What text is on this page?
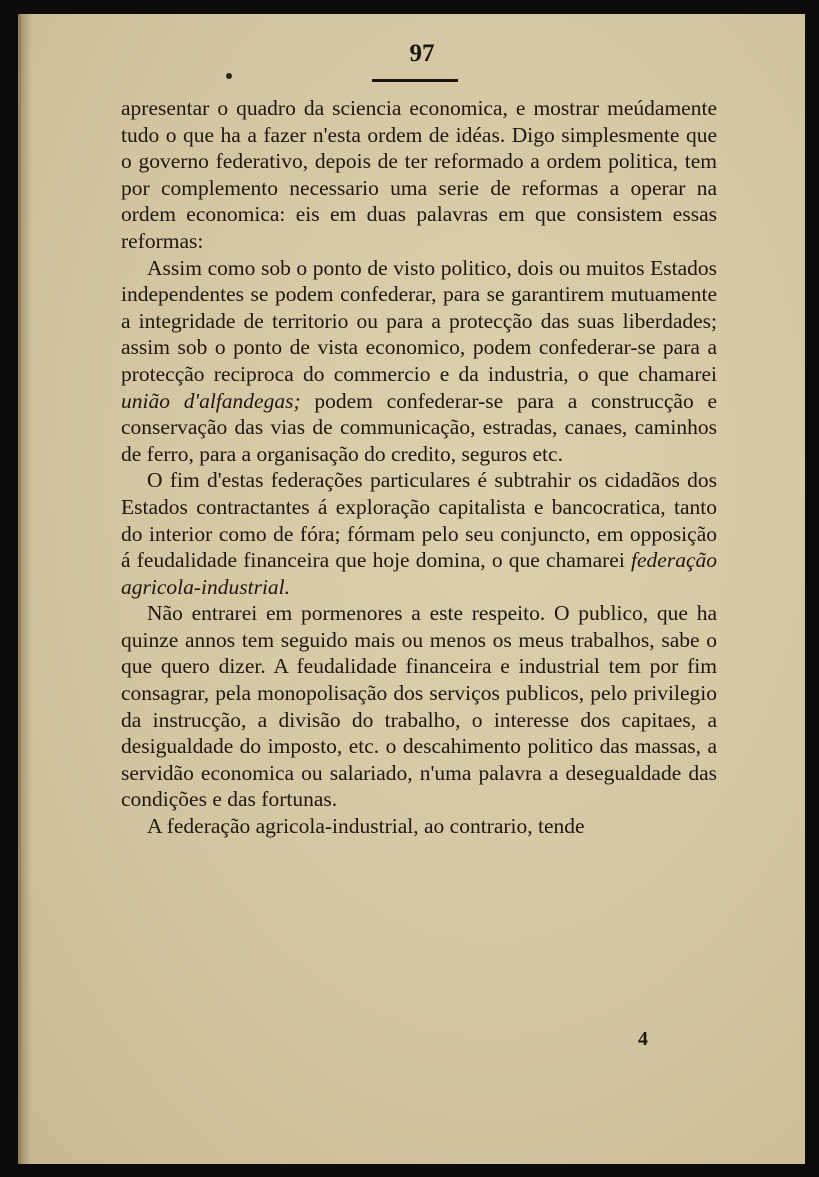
97

apresentar o quadro da sciencia economica, e mostrar meúdamente tudo o que ha a fazer n'esta ordem de idéas. Digo simplesmente que o governo federativo, depois de ter reformado a ordem politica, tem por complemento necessario uma serie de reformas a operar na ordem economica: eis em duas palavras em que consistem essas reformas:

Assim como sob o ponto de visto politico, dois ou muitos Estados independentes se podem confederar, para se garantirem mutuamente a integridade de territorio ou para a protecção das suas liberdades; assim sob o ponto de vista economico, podem confederar-se para a protecção reciproca do commercio e da industria, o que chamarei união d'alfandegas; podem confederar-se para a construcção e conservação das vias de communicação, estradas, canaes, caminhos de ferro, para a organisação do credito, seguros etc.

O fim d'estas federações particulares é subtrahir os cidadãos dos Estados contractantes á exploração capitalista e bancocratica, tanto do interior como de fóra; fórmam pelo seu conjuncto, em opposição á feudalidade financeira que hoje domina, o que chamarei federação agricola-industrial.

Não entrarei em pormenores a este respeito. O publico, que ha quinze annos tem seguido mais ou menos os meus trabalhos, sabe o que quero dizer. A feudalidade financeira e industrial tem por fim consagrar, pela monopolisação dos serviços publicos, pelo privilegio da instrucção, a divisão do trabalho, o interesse dos capitaes, a desigualdade do imposto, etc. o descahimento politico das massas, a servidão economica ou salariado, n'uma palavra a desegualdade das condições e das fortunas.

A federação agricola-industrial, ao contrario, tende

4
